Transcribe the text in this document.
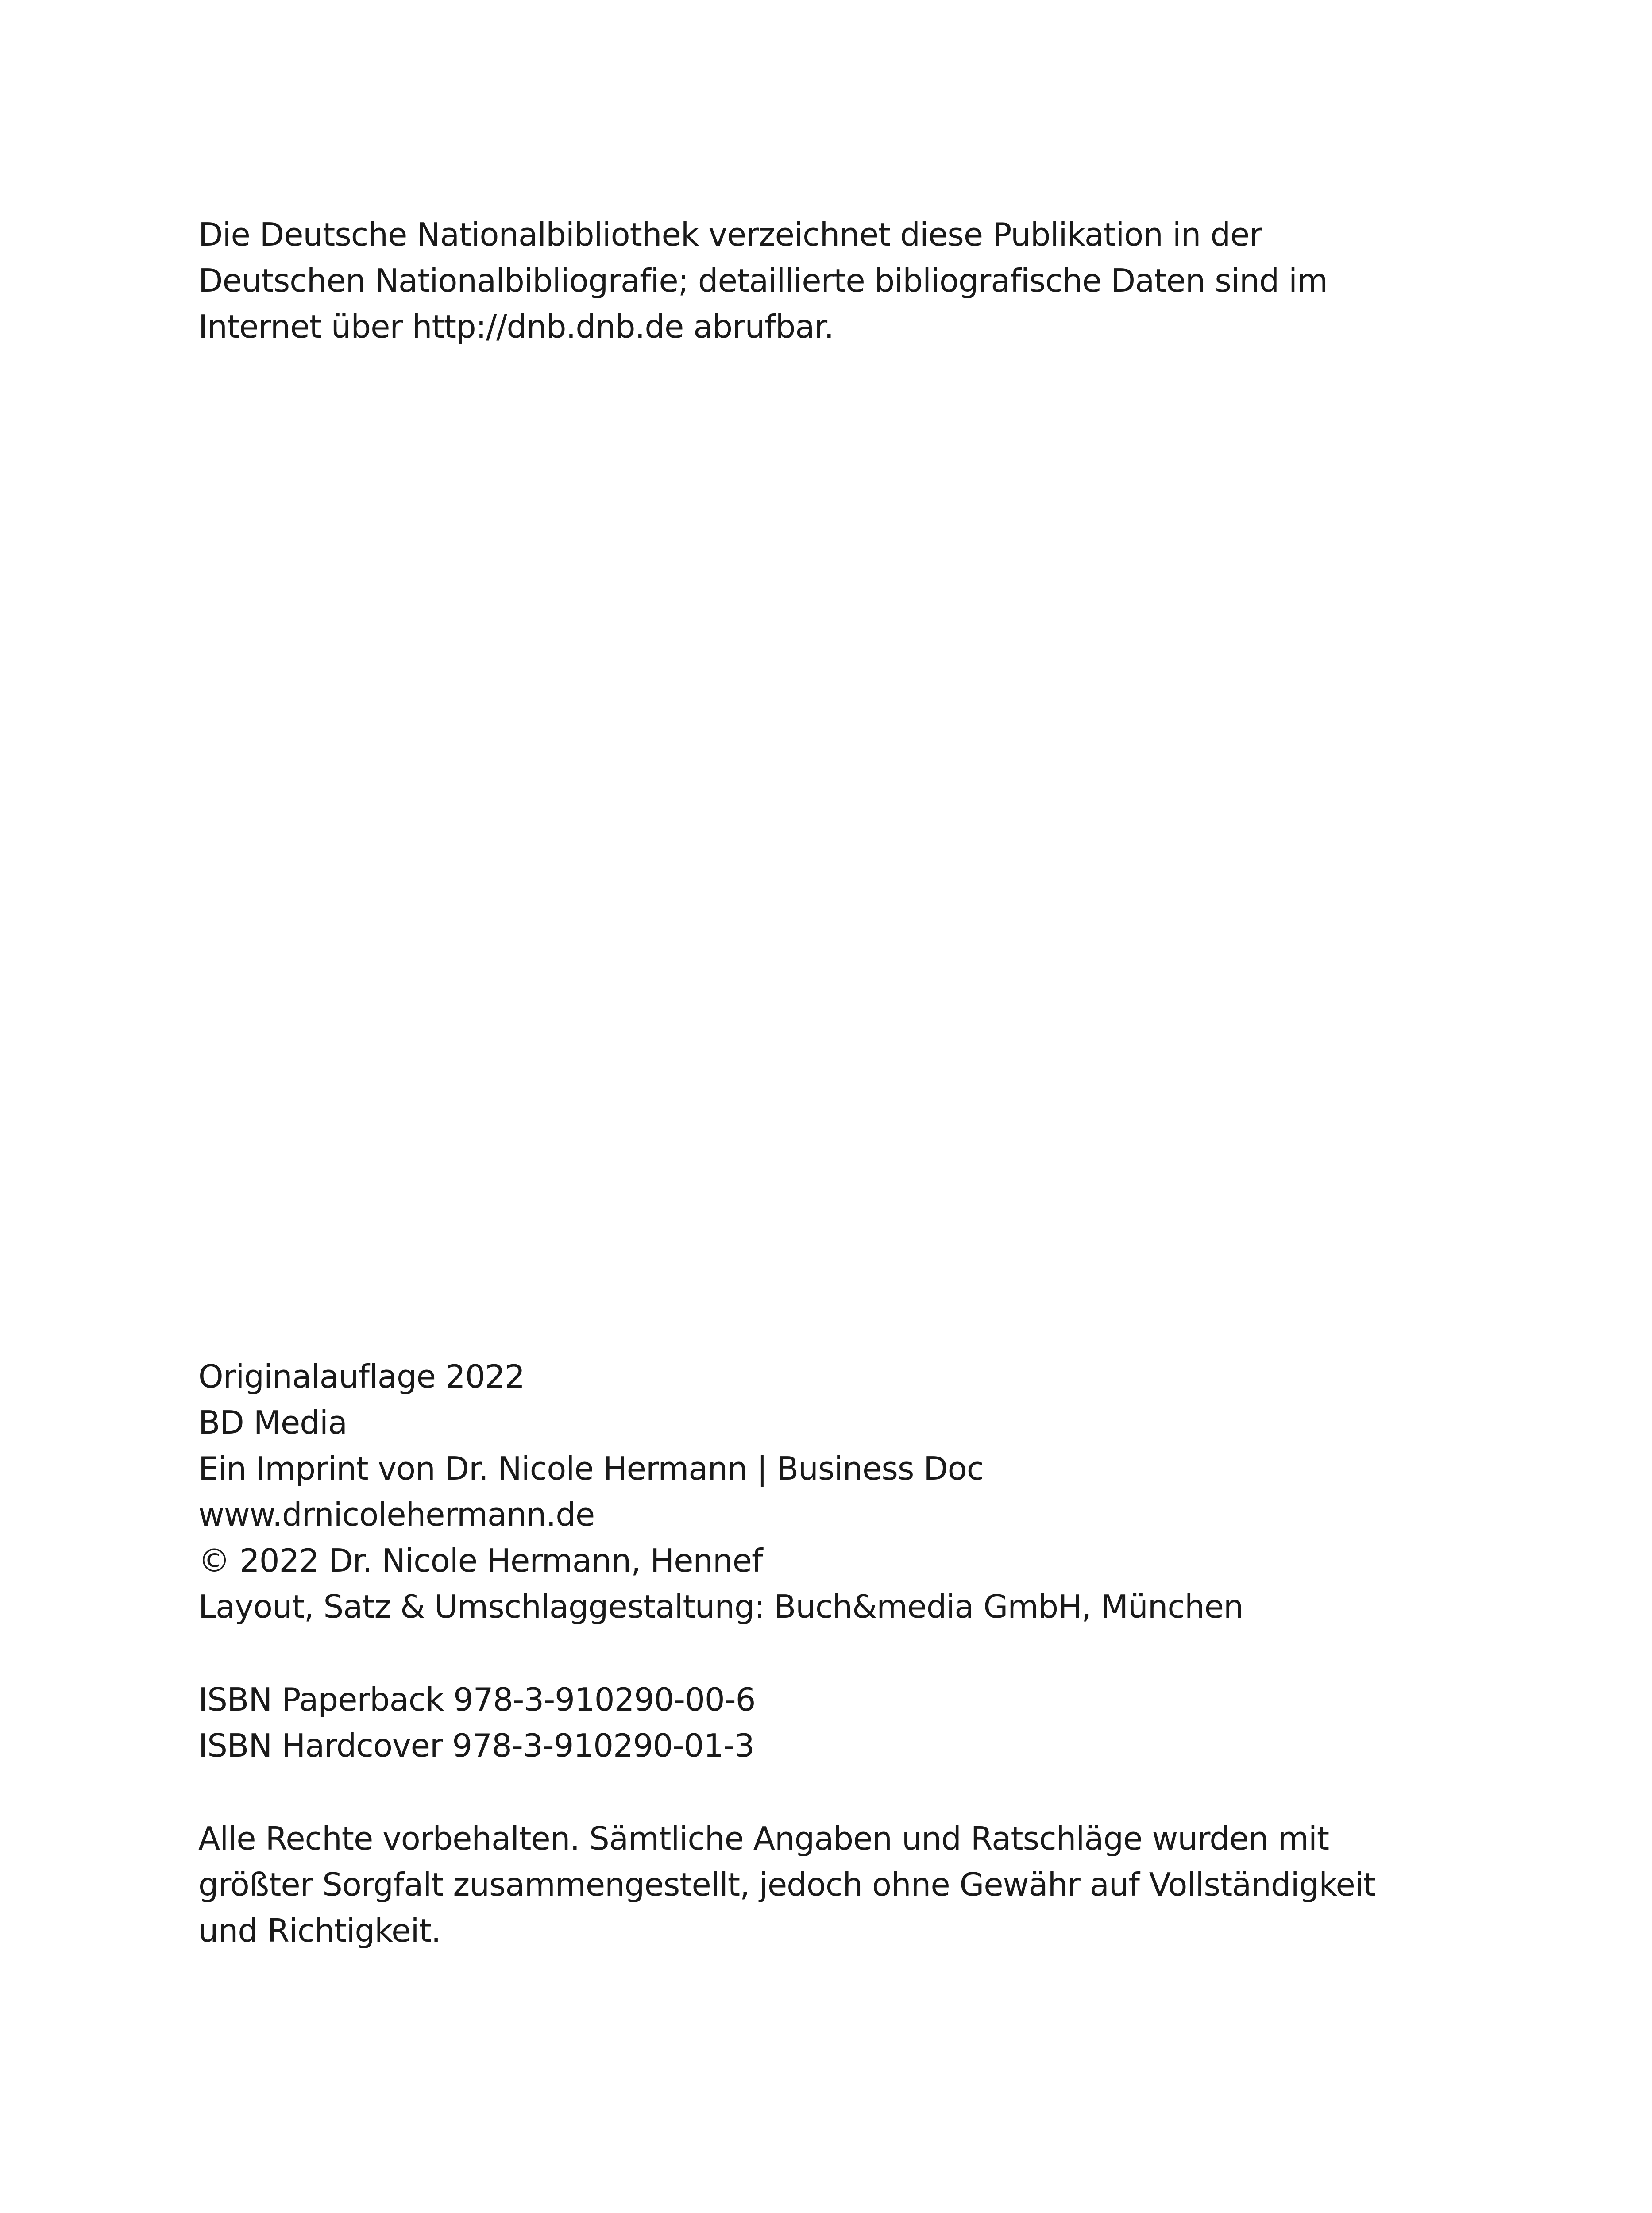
Die Deutsche Nationalbibliothek verzeichnet diese Publikation in der
Deutschen Nationalbibliografie; detaillierte bibliografische Daten sind im
Internet über http://dnb.dnb.de abrufbar.
Originalauflage 2022
BD Media
Ein Imprint von Dr. Nicole Hermann | Business Doc
www.drnicolehermann.de
© 2022 Dr. Nicole Hermann, Hennef
Layout, Satz & Umschlaggestaltung: Buch&media GmbH, München
ISBN Paperback 978-3-910290-00-6
ISBN Hardcover 978-3-910290-01-3
Alle Rechte vorbehalten. Sämtliche Angaben und Ratschläge wurden mit
größter Sorgfalt zusammengestellt, jedoch ohne Gewähr auf Vollständigkeit
und Richtigkeit.
